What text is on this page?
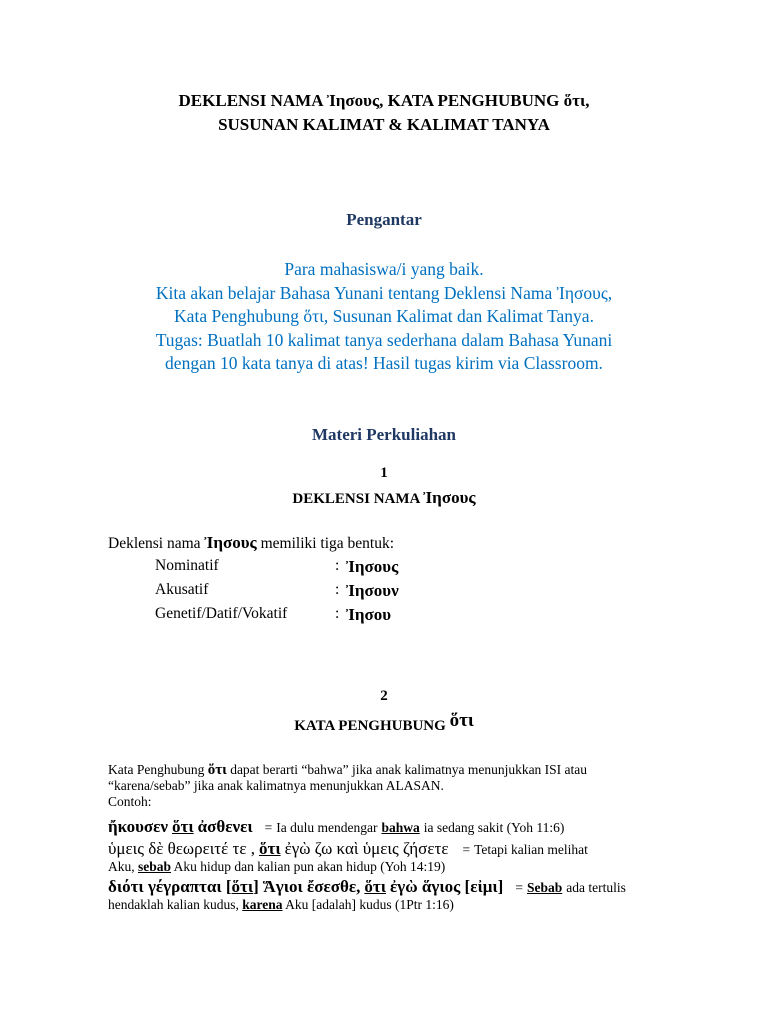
DEKLENSI NAMA Ἰησους, KATA PENGHUBUNG ὅτι,
SUSUNAN KALIMAT & KALIMAT TANYA
Pengantar
Para mahasiswa/i yang baik.
Kita akan belajar Bahasa Yunani tentang Deklensi Nama Ἰησους,
Kata Penghubung ὅτι, Susunan Kalimat dan Kalimat Tanya.
Tugas: Buatlah 10 kalimat tanya sederhana dalam Bahasa Yunani
dengan 10 kata tanya di atas! Hasil tugas kirim via Classroom.
Materi Perkuliahan
1
DEKLENSI NAMA Ἰησους
Deklensi nama Ἰησους memiliki tiga bentuk:
Nominatif	: Ἰησους
Akusatif	: Ἰησουν
Genetif/Datif/Vokatif	: Ἰησου
2
KATA PENGHUBUNG ὅτι
Kata Penghubung ὅτι dapat berarti “bahwa” jika anak kalimatnya menunjukkan ISI atau
“karena/sebab” jika anak kalimatnya menunjukkan ALASAN.
Contoh:
ἤκουσεν ὅτι ἀσθενει = Ia dulu mendengar bahwa ia sedang sakit (Yoh 11:6)
ὑμεις δὲ θεωρειτέ τε , ὅτι ἐγὼ ζω καὶ ὑμεις ζήσετε = Tetapi kalian melihat
Aku, sebab Aku hidup dan kalian pun akan hidup (Yoh 14:19)
διότι γέγραπται [ὅτι] Ἅγιοι ἔσεσθε, ὅτι ἐγὼ ἅγιος [εἰμι] = Sebab ada tertulis
hendaklah kalian kudus, karena Aku [adalah] kudus (1Ptr 1:16)
